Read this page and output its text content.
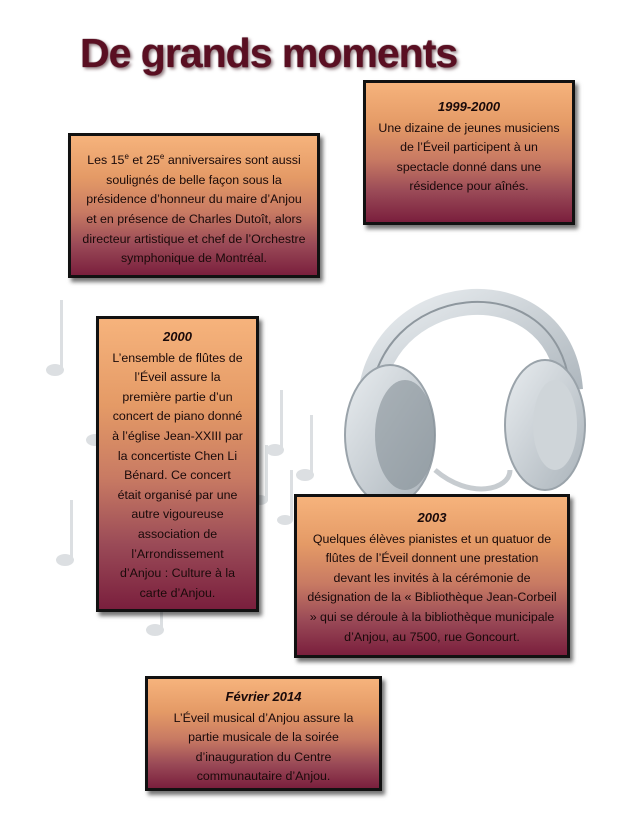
De grands moments
1999-2000
Une dizaine de jeunes musiciens de l’Éveil participent à un spectacle donné dans une résidence pour aînés.
Les 15e et 25e anniversaires sont aussi soulignés de belle façon sous la présidence d’honneur du maire d’Anjou et en présence de Charles Dutoît, alors directeur artistique et chef de l’Orchestre symphonique de Montréal.
2000
L’ensemble de flûtes de l’Éveil assure la première partie d’un concert de piano donné à l’église Jean-XXIII par la concertiste Chen Li Bénard. Ce concert était organisé par une autre vigoureuse association de l’Arrondissement d’Anjou : Culture à la carte d’Anjou.
2003
Quelques élèves pianistes et un quatuor de flûtes de l’Éveil donnent une prestation devant les invités à la cérémonie de désignation de la « Bibliothèque Jean-Corbeil » qui se déroule à la bibliothèque municipale d’Anjou, au 7500, rue Goncourt.
Février 2014
L’Éveil musical d’Anjou assure la partie musicale de la soirée d’inauguration du Centre communautaire d’Anjou.
